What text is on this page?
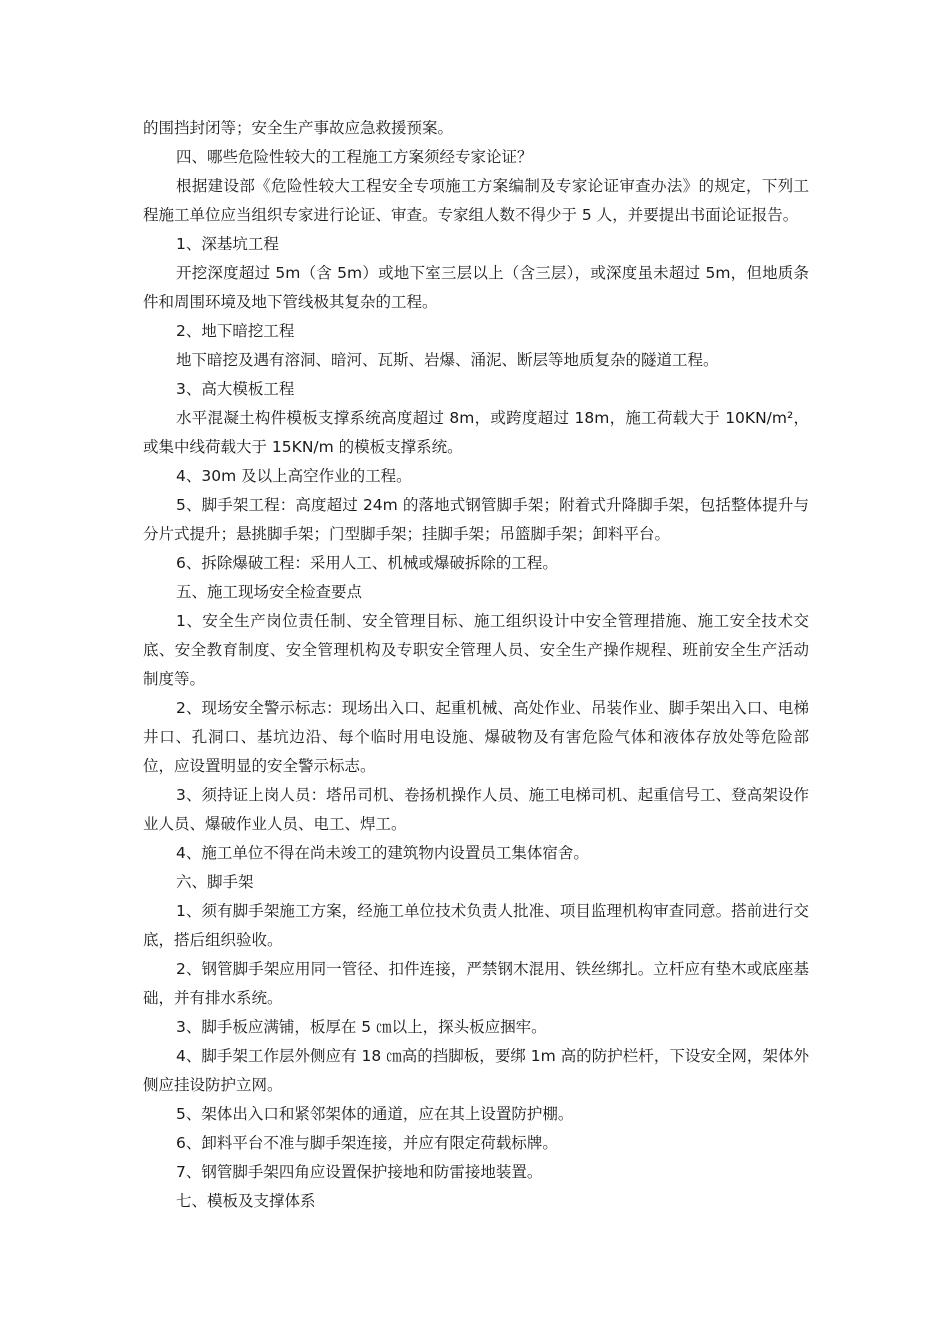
的围挡封闭等；安全生产事故应急救援预案。

四、哪些危险性较大的工程施工方案须经专家论证？

根据建设部《危险性较大工程安全专项施工方案编制及专家论证审查办法》的规定，下列工程施工单位应当组织专家进行论证、审查。专家组人数不得少于 5 人，并要提出书面论证报告。

1、深基坑工程

开挖深度超过 5m（含 5m）或地下室三层以上（含三层），或深度虽未超过 5m，但地质条件和周围环境及地下管线极其复杂的工程。

2、地下暗挖工程

地下暗挖及遇有溶洞、暗河、瓦斯、岩爆、涌泥、断层等地质复杂的隧道工程。

3、高大模板工程

水平混凝土构件模板支撑系统高度超过 8m，或跨度超过 18m，施工荷载大于 10KN/m²，或集中线荷载大于 15KN/m 的模板支撑系统。

4、30m 及以上高空作业的工程。

5、脚手架工程：高度超过 24m 的落地式钢管脚手架；附着式升降脚手架，包括整体提升与分片式提升；悬挑脚手架；门型脚手架；挂脚手架；吊篮脚手架；卸料平台。

6、拆除爆破工程：采用人工、机械或爆破拆除的工程。

五、施工现场安全检查要点

1、安全生产岗位责任制、安全管理目标、施工组织设计中安全管理措施、施工安全技术交底、安全教育制度、安全管理机构及专职安全管理人员、安全生产操作规程、班前安全生产活动制度等。

2、现场安全警示标志：现场出入口、起重机械、高处作业、吊装作业、脚手架出入口、电梯井口、孔洞口、基坑边沿、每个临时用电设施、爆破物及有害危险气体和液体存放处等危险部位，应设置明显的安全警示标志。

3、须持证上岗人员：塔吊司机、卷扬机操作人员、施工电梯司机、起重信号工、登高架设作业人员、爆破作业人员、电工、焊工。

4、施工单位不得在尚未竣工的建筑物内设置员工集体宿舍。

六、脚手架

1、须有脚手架施工方案，经施工单位技术负责人批准、项目监理机构审查同意。搭前进行交底，搭后组织验收。

2、钢管脚手架应用同一管径、扣件连接，严禁钢木混用、铁丝绑扎。立杆应有垫木或底座基础，并有排水系统。

3、脚手板应满铺，板厚在 5 ㎝以上，探头板应捆牢。

4、脚手架工作层外侧应有 18 ㎝高的挡脚板，要绑 1m 高的防护栏杆，下设安全网，架体外侧应挂设防护立网。

5、架体出入口和紧邻架体的通道，应在其上设置防护棚。

6、卸料平台不准与脚手架连接，并应有限定荷载标牌。

7、钢管脚手架四角应设置保护接地和防雷接地装置。

七、模板及支撑体系
